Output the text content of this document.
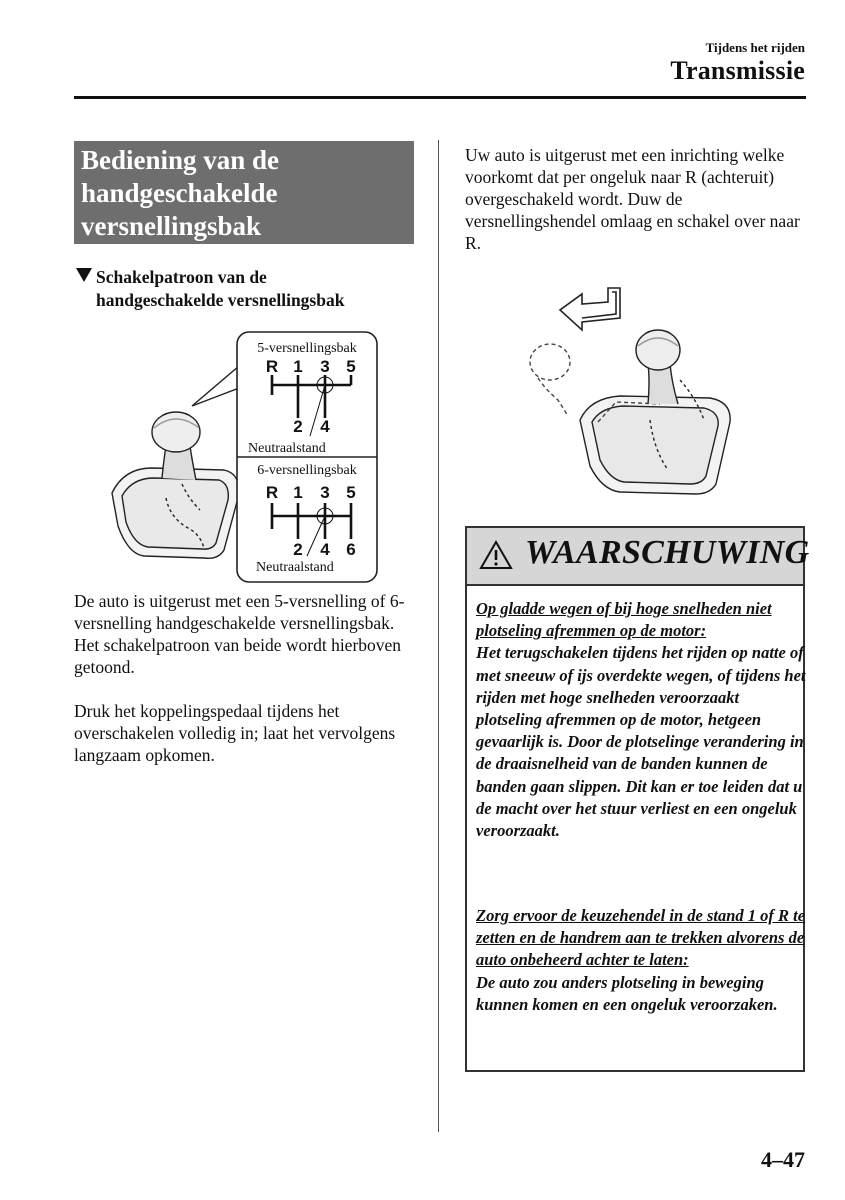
Tijdens het rijden
Transmissie
Bediening van de
handgeschakelde
versnellingsbak
Schakelpatroon van de
handgeschakelde versnellingsbak
5-versnellingsbak
R 1 3 5
2 4
Neutraalstand
6-versnellingsbak
R 1 3 5
2 4 6
Neutraalstand
De auto is uitgerust met een 5-versnelling of 6-versnelling handgeschakelde versnellingsbak. Het schakelpatroon van beide wordt hierboven getoond.
Druk het koppelingspedaal tijdens het overschakelen volledig in; laat het vervolgens langzaam opkomen.
Uw auto is uitgerust met een inrichting welke voorkomt dat per ongeluk naar R (achteruit) overgeschakeld wordt. Duw de versnellingshendel omlaag en schakel over naar R.
WAARSCHUWING
Op gladde wegen of bij hoge snelheden niet plotseling afremmen op de motor:
Het terugschakelen tijdens het rijden op natte of met sneeuw of ijs overdekte wegen, of tijdens het rijden met hoge snelheden veroorzaakt plotseling afremmen op de motor, hetgeen gevaarlijk is. Door de plotselinge verandering in de draaisnelheid van de banden kunnen de banden gaan slippen. Dit kan er toe leiden dat u de macht over het stuur verliest en een ongeluk veroorzaakt.
Zorg ervoor de keuzehendel in de stand 1 of R te zetten en de handrem aan te trekken alvorens de auto onbeheerd achter te laten:
De auto zou anders plotseling in beweging kunnen komen en een ongeluk veroorzaken.
4–47
